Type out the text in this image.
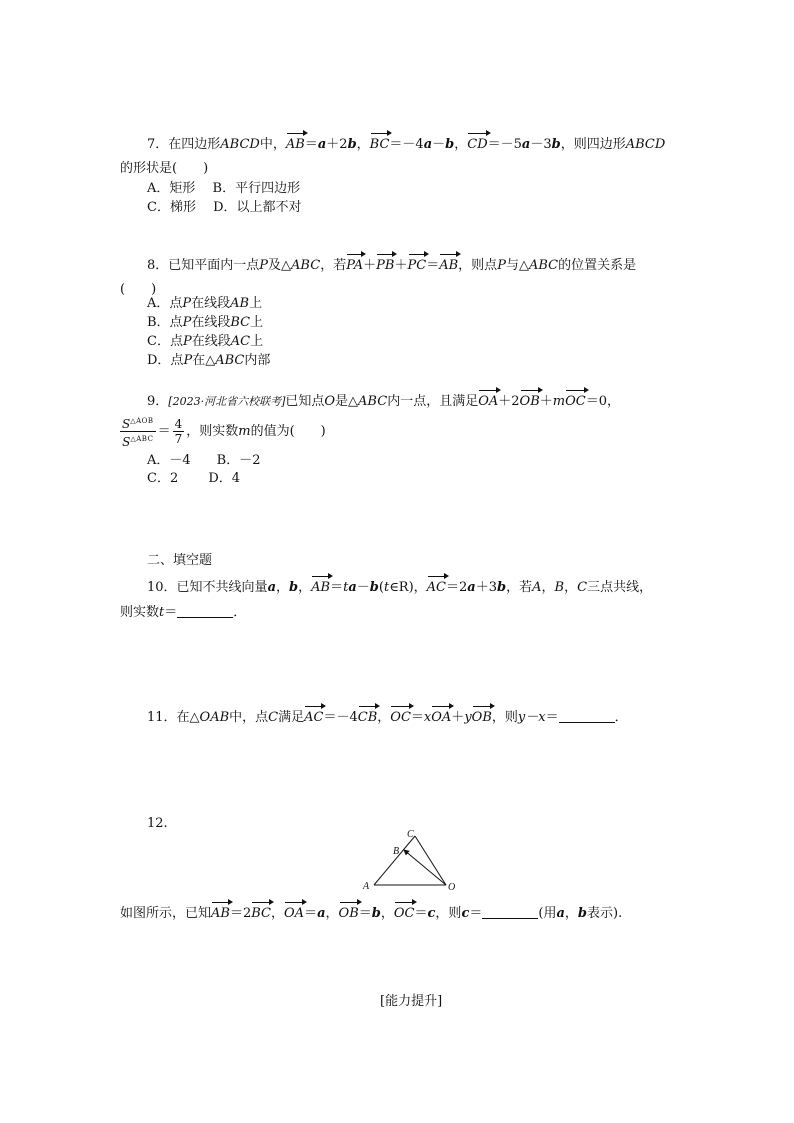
7．在四边形ABCD中，AB＝a＋2b，BC＝－4a－b，CD＝－5a－3b，则四边形ABCD
的形状是(　　)
A．矩形　 B．平行四边形
C．梯形　 D．以上都不对
8．已知平面内一点P及△ABC，若PA＋PB＋PC＝AB，则点P与△ABC的位置关系是
(　　)
A．点P在线段AB上
B．点P在线段BC上
C．点P在线段AC上
D．点P在△ABC内部
9．[2023·河北省六校联考]已知点O是△ABC内一点，且满足OA＋2OB＋mOC＝0，
$\frac{S^{\triangle AOB}}{S^{\triangle ABC}} = \frac{4}{7}$ ，则实数m的值为(　　)
A．－4　　B．－2
C．2　　 D．4
二、填空题
10．已知不共线向量a，b，AB＝ta－b(t∈R)，AC＝2a＋3b，若A，B，C三点共线，
则实数t＝	．
11．在△OAB中，点C满足AC＝－4CB，OC＝xOA＋yOB，则y－x＝	．
12.
C
B
A	O
如图所示，已知AB＝2BC，OA＝a，OB＝b，OC＝c，则c＝	(用a，b表示).
[能力提升]
